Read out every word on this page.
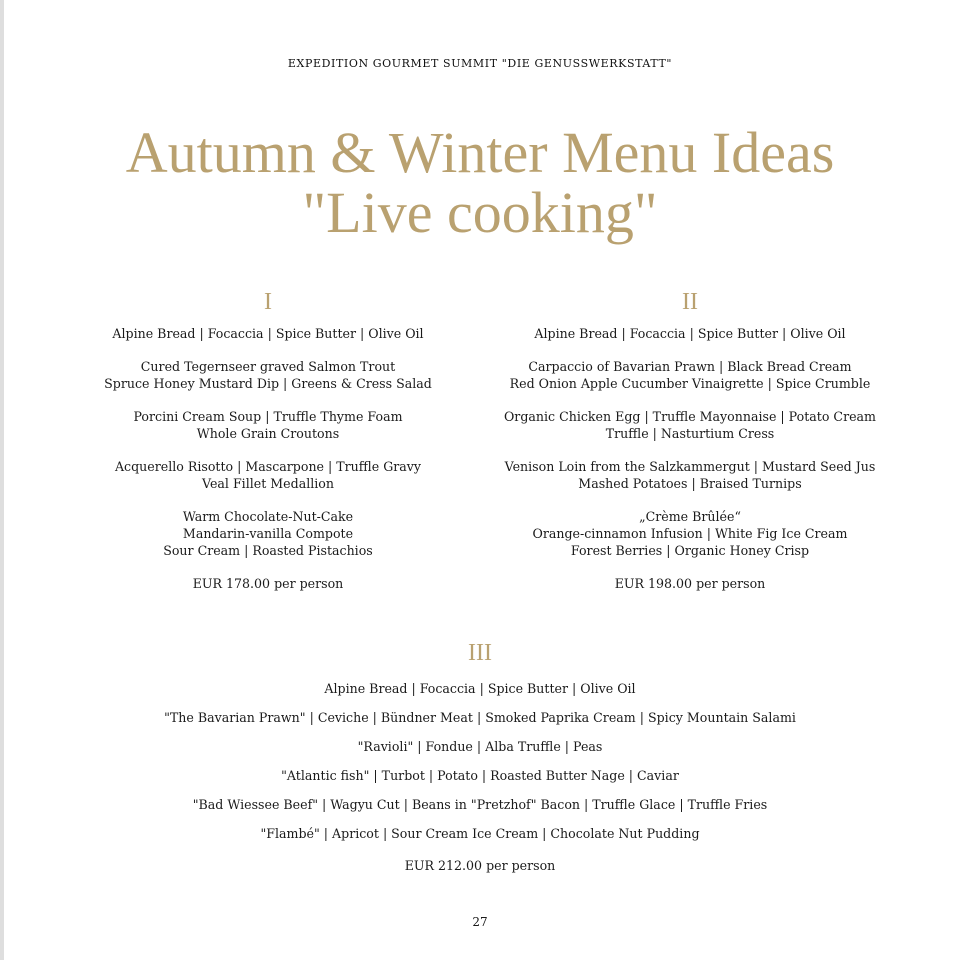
EXPEDITION GOURMET SUMMIT "DIE GENUSSWERKSTATT"
Autumn & Winter Menu Ideas
"Live cooking"
I
Alpine Bread | Focaccia | Spice Butter | Olive Oil
Cured Tegernseer graved Salmon Trout
Spruce Honey Mustard Dip | Greens & Cress Salad
Porcini Cream Soup | Truffle Thyme Foam
Whole Grain Croutons
Acquerello Risotto | Mascarpone | Truffle Gravy
Veal Fillet Medallion
Warm Chocolate-Nut-Cake
Mandarin-vanilla Compote
Sour Cream | Roasted Pistachios
EUR 178.00 per person
II
Alpine Bread | Focaccia | Spice Butter | Olive Oil
Carpaccio of Bavarian Prawn | Black Bread Cream
Red Onion Apple Cucumber Vinaigrette | Spice Crumble
Organic Chicken Egg | Truffle Mayonnaise | Potato Cream
Truffle | Nasturtium Cress
Venison Loin from the Salzkammergut | Mustard Seed Jus
Mashed Potatoes | Braised Turnips
„Crème Brûlée“
Orange-cinnamon Infusion | White Fig Ice Cream
Forest Berries | Organic Honey Crisp
EUR 198.00 per person
III
Alpine Bread | Focaccia | Spice Butter | Olive Oil
"The Bavarian Prawn" | Ceviche | Bündner Meat | Smoked Paprika Cream | Spicy Mountain Salami
"Ravioli" | Fondue | Alba Truffle | Peas
"Atlantic fish" | Turbot | Potato | Roasted Butter Nage | Caviar
"Bad Wiessee Beef" | Wagyu Cut | Beans in "Pretzhof" Bacon | Truffle Glace | Truffle Fries
"Flambé" | Apricot | Sour Cream Ice Cream | Chocolate Nut Pudding
EUR 212.00 per person
27
